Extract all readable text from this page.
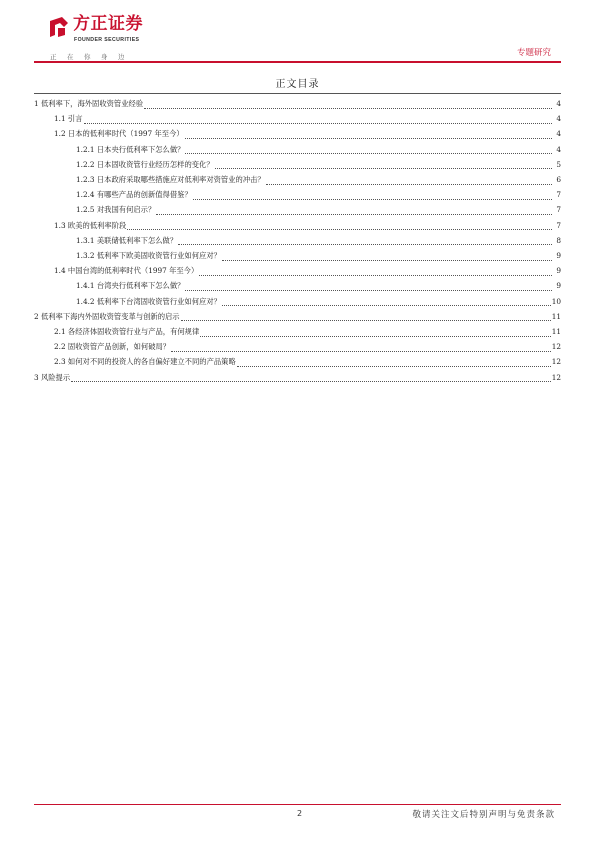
方正证券
FOUNDER SECURITIES
正 在 你 身 边	专题研究
正文目录
1 低利率下，海外固收资管业经验	4
1.1 引言	4
1.2 日本的低利率时代（1997 年至今）	4
1.2.1 日本央行低利率下怎么做？	4
1.2.2 日本固收资管行业经历怎样的变化？	5
1.2.3 日本政府采取哪些措施应对低利率对资管业的冲击？	6
1.2.4 有哪些产品的创新值得借鉴？	7
1.2.5 对我国有何启示？	7
1.3 欧美的低利率阶段	7
1.3.1 美联储低利率下怎么做？	8
1.3.2 低利率下欧美固收资管行业如何应对？	9
1.4 中国台湾的低利率时代（1997 年至今）	9
1.4.1 台湾央行低利率下怎么做？	9
1.4.2 低利率下台湾固收资管行业如何应对？	10
2 低利率下海内外固收资管变革与创新的启示	11
2.1 各经济体固收资管行业与产品，有何规律	11
2.2 固收资管产品创新，如何破局？	12
2.3 如何对不同的投资人的各自偏好建立不同的产品策略	12
3 风险提示	12
2	敬请关注文后特别声明与免责条款
